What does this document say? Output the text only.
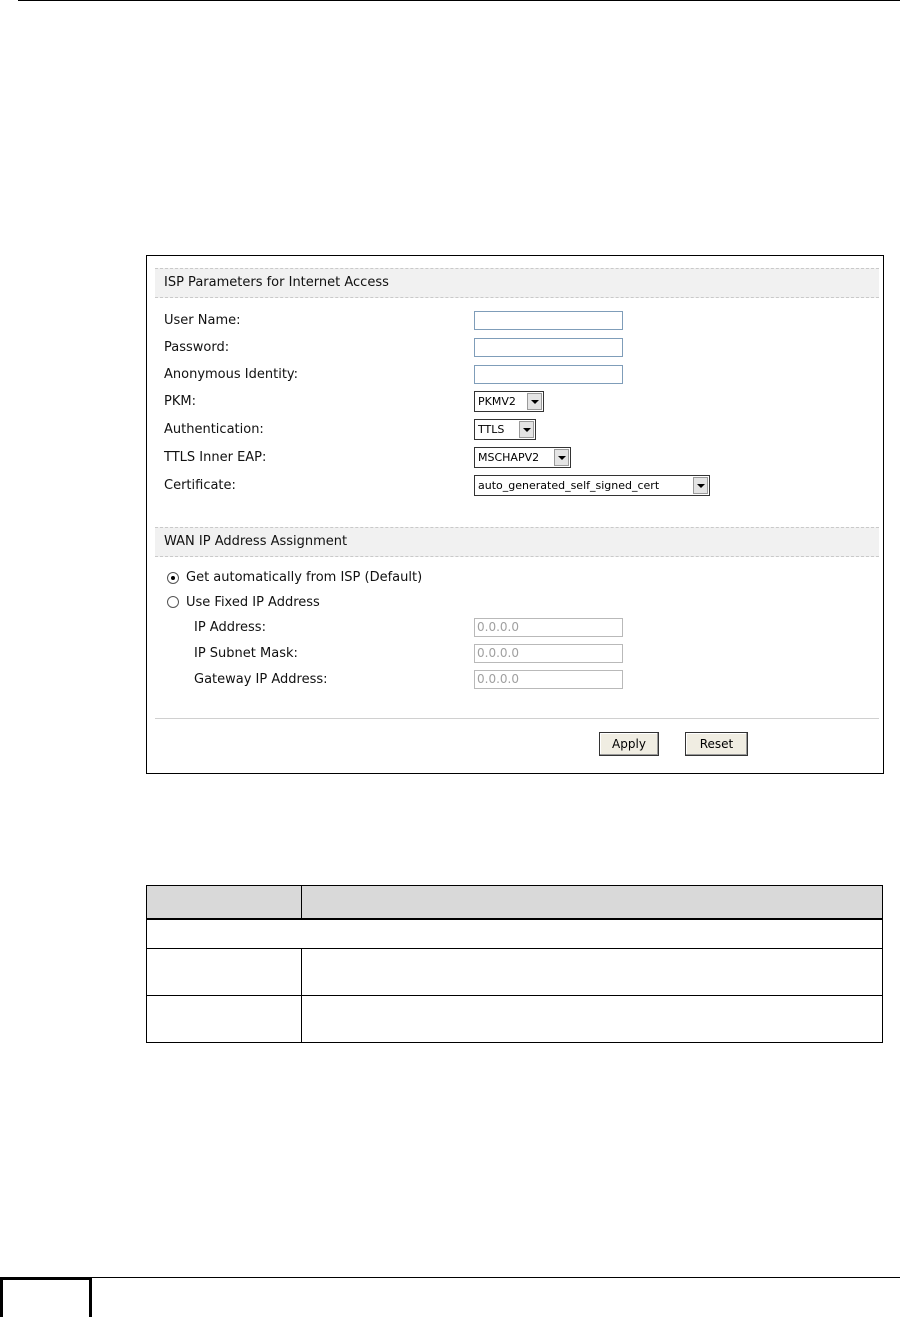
ISP Parameters for Internet Access
User Name:
Password:
Anonymous Identity:
PKM:	PKMV2
Authentication:	TTLS
TTLS Inner EAP:	MSCHAPV2
Certificate:	auto_generated_self_signed_cert
WAN IP Address Assignment
Get automatically from ISP (Default)
Use Fixed IP Address
IP Address:	0.0.0.0
IP Subnet Mask:	0.0.0.0
Gateway IP Address:	0.0.0.0
Apply	Reset
